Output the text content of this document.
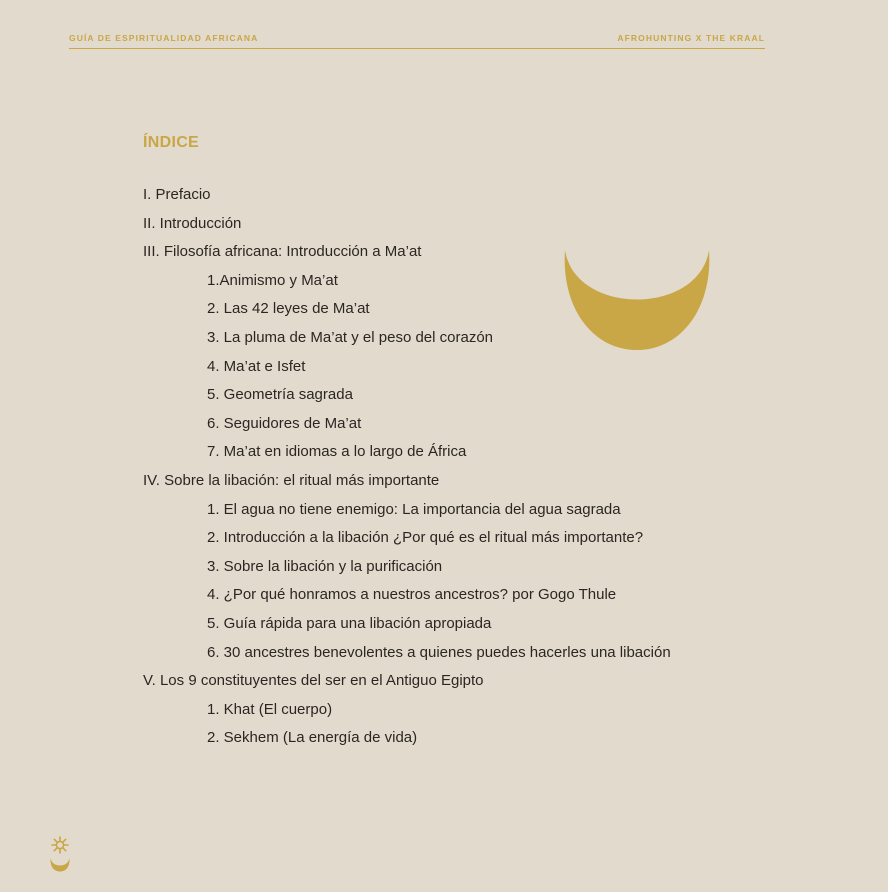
GUÍA DE ESPIRITUALIDAD AFRICANA	AFROHUNTING X THE KRAAL
ÍNDICE
I. Prefacio
II. Introducción
III. Filosofía africana: Introducción a Ma’at
1.Animismo y Ma’at
2. Las 42 leyes de Ma’at
3. La pluma de Ma’at y el peso del corazón
4. Ma’at e Isfet
5. Geometría sagrada
6. Seguidores de Ma’at
7. Ma’at en idiomas a lo largo de África
IV. Sobre la libación: el ritual más importante
1. El agua no tiene enemigo: La importancia del agua sagrada
2. Introducción a la libación ¿Por qué es el ritual más importante?
3. Sobre la libación y la purificación
4. ¿Por qué honramos a nuestros ancestros? por Gogo Thule
5. Guía rápida para una libación apropiada
6. 30 ancestres benevolentes a quienes puedes hacerles una libación
V. Los 9 constituyentes del ser en el Antiguo Egipto
1. Khat (El cuerpo)
2. Sekhem (La energía de vida)
